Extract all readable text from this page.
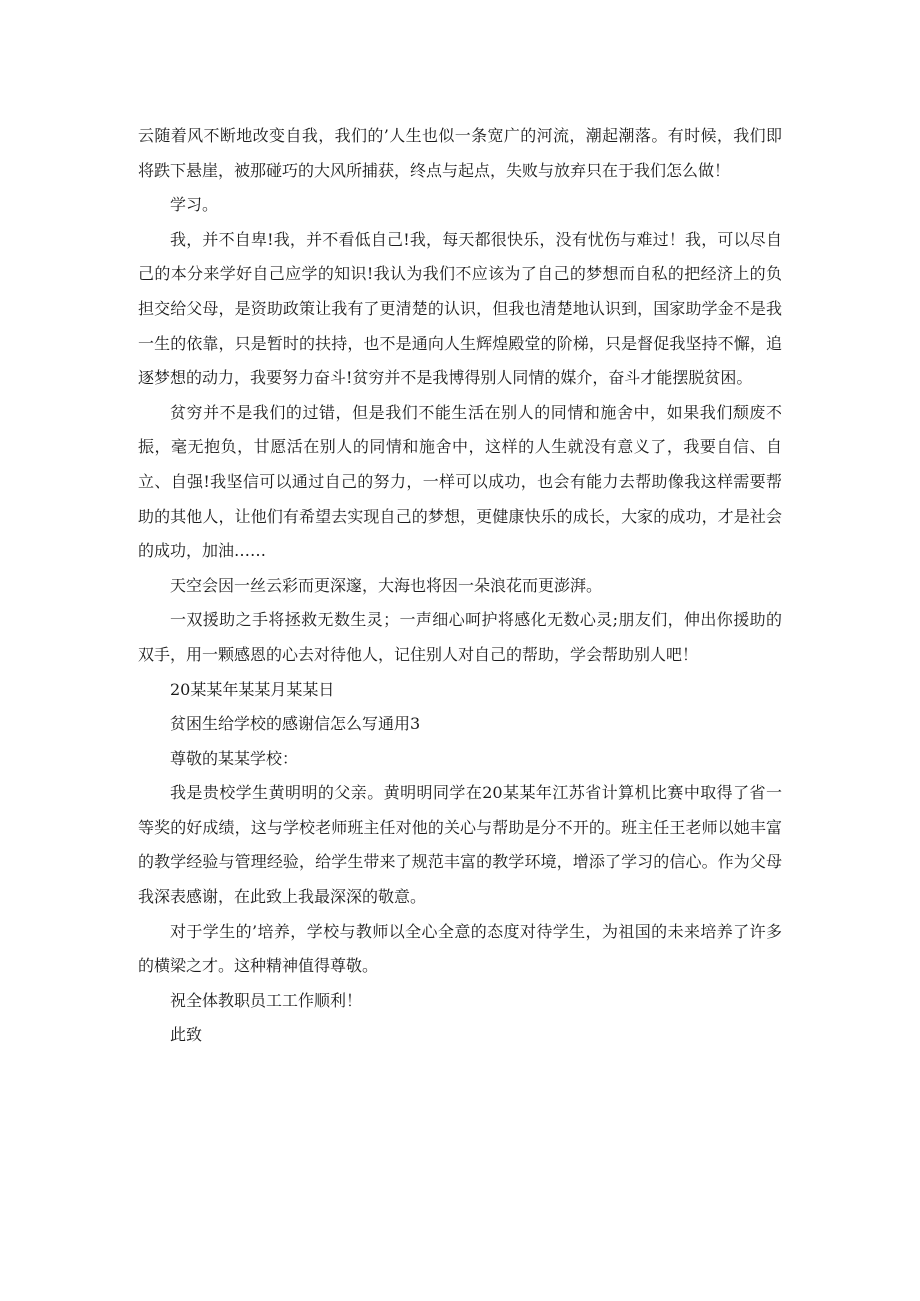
云随着风不断地改变自我，我们的’人生也似一条宽广的河流，潮起潮落。有时候，我们即将跌下悬崖，被那碰巧的大风所捕获，终点与起点，失败与放弃只在于我们怎么做！

学习。

我，并不自卑!我，并不看低自己!我，每天都很快乐，没有忧伤与难过！我，可以尽自己的本分来学好自己应学的知识!我认为我们不应该为了自己的梦想而自私的把经济上的负担交给父母，是资助政策让我有了更清楚的认识，但我也清楚地认识到，国家助学金不是我一生的依靠，只是暂时的扶持，也不是通向人生辉煌殿堂的阶梯，只是督促我坚持不懈，追逐梦想的动力，我要努力奋斗!贫穷并不是我博得别人同情的媒介，奋斗才能摆脱贫困。

贫穷并不是我们的过错，但是我们不能生活在别人的同情和施舍中，如果我们颓废不振，毫无抱负，甘愿活在别人的同情和施舍中，这样的人生就没有意义了，我要自信、自立、自强!我坚信可以通过自己的努力，一样可以成功，也会有能力去帮助像我这样需要帮助的其他人，让他们有希望去实现自己的梦想，更健康快乐的成长，大家的成功，才是社会的成功，加油……

天空会因一丝云彩而更深邃，大海也将因一朵浪花而更澎湃。

一双援助之手将拯救无数生灵；一声细心呵护将感化无数心灵;朋友们，伸出你援助的双手，用一颗感恩的心去对待他人，记住别人对自己的帮助，学会帮助别人吧！

20某某年某某月某某日

贫困生给学校的感谢信怎么写通用3

尊敬的某某学校：

我是贵校学生黄明明的父亲。黄明明同学在20某某年江苏省计算机比赛中取得了省一等奖的好成绩，这与学校老师班主任对他的关心与帮助是分不开的。班主任王老师以她丰富的教学经验与管理经验，给学生带来了规范丰富的教学环境，增添了学习的信心。作为父母我深表感谢，在此致上我最深深的敬意。

对于学生的’培养，学校与教师以全心全意的态度对待学生，为祖国的未来培养了许多的横梁之才。这种精神值得尊敬。

祝全体教职员工工作顺利！

此致
